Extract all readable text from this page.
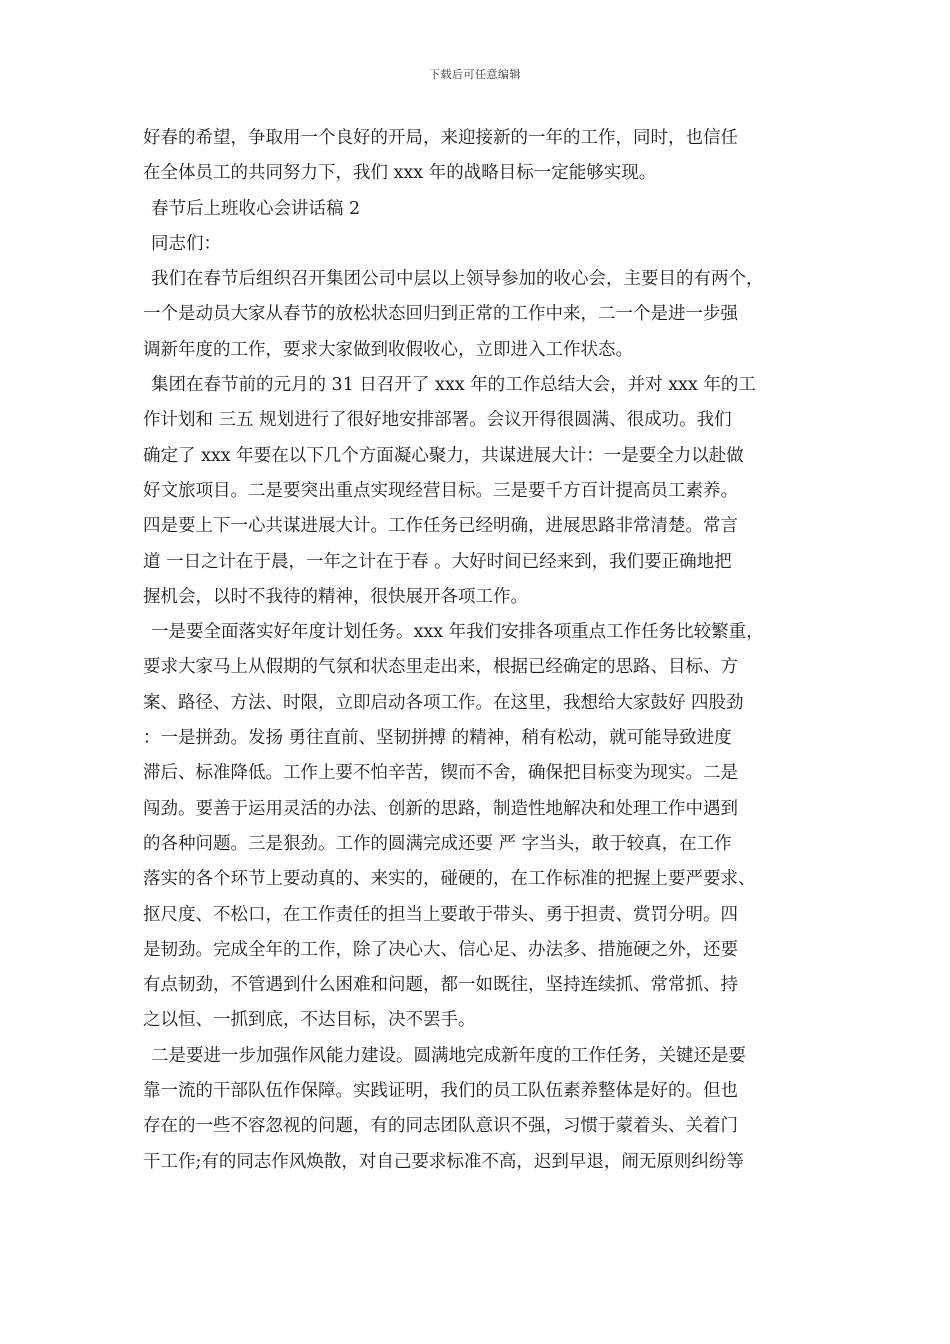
下载后可任意编辑
好春的希望，争取用一个良好的开局，来迎接新的一年的工作，同时，也信任
在全体员工的共同努力下，我们 xxx 年的战略目标一定能够实现。
春节后上班收心会讲话稿 2
同志们：
我们在春节后组织召开集团公司中层以上领导参加的收心会，主要目的有两个，
一个是动员大家从春节的放松状态回归到正常的工作中来，二一个是进一步强
调新年度的工作，要求大家做到收假收心，立即进入工作状态。
集团在春节前的元月的 31 日召开了 xxx 年的工作总结大会，并对 xxx 年的工
作计划和 三五 规划进行了很好地安排部署。会议开得很圆满、很成功。我们
确定了 xxx 年要在以下几个方面凝心聚力，共谋进展大计：一是要全力以赴做
好文旅项目。二是要突出重点实现经营目标。三是要千方百计提高员工素养。
四是要上下一心共谋进展大计。工作任务已经明确，进展思路非常清楚。常言
道 一日之计在于晨，一年之计在于春 。大好时间已经来到，我们要正确地把
握机会，以时不我待的精神，很快展开各项工作。
一是要全面落实好年度计划任务。xxx 年我们安排各项重点工作任务比较繁重，
要求大家马上从假期的气氛和状态里走出来，根据已经确定的思路、目标、方
案、路径、方法、时限，立即启动各项工作。在这里，我想给大家鼓好 四股劲
：一是拼劲。发扬 勇往直前、坚韧拼搏 的精神，稍有松动，就可能导致进度
滞后、标准降低。工作上要不怕辛苦，锲而不舍，确保把目标变为现实。二是
闯劲。要善于运用灵活的办法、创新的思路，制造性地解决和处理工作中遇到
的各种问题。三是狠劲。工作的圆满完成还要 严 字当头，敢于较真，在工作
落实的各个环节上要动真的、来实的，碰硬的，在工作标准的把握上要严要求、
抠尺度、不松口，在工作责任的担当上要敢于带头、勇于担责、赏罚分明。四
是韧劲。完成全年的工作，除了决心大、信心足、办法多、措施硬之外，还要
有点韧劲，不管遇到什么困难和问题，都一如既往，坚持连续抓、常常抓、持
之以恒、一抓到底，不达目标，决不罢手。
二是要进一步加强作风能力建设。圆满地完成新年度的工作任务，关键还是要
靠一流的干部队伍作保障。实践证明，我们的员工队伍素养整体是好的。但也
存在的一些不容忽视的问题，有的同志团队意识不强，习惯于蒙着头、关着门
干工作;有的同志作风焕散，对自己要求标准不高，迟到早退，闹无原则纠纷等
